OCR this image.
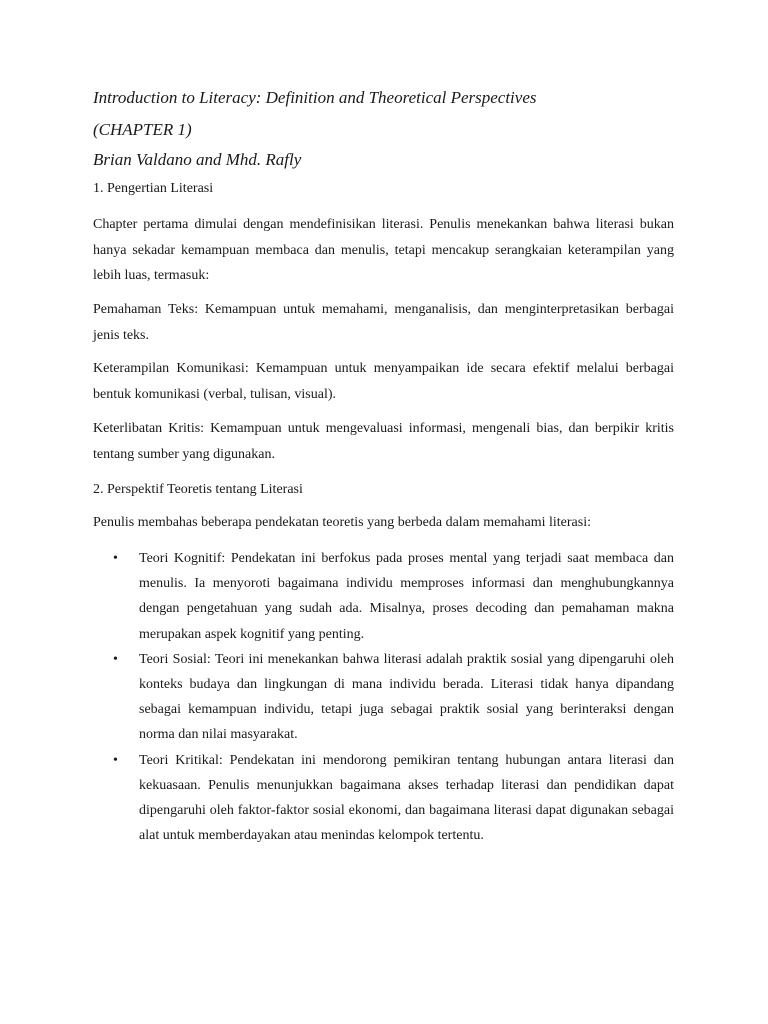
Introduction to Literacy: Definition and Theoretical Perspectives
(CHAPTER 1)
Brian Valdano and Mhd. Rafly
1. Pengertian Literasi

Chapter pertama dimulai dengan mendefinisikan literasi. Penulis menekankan bahwa literasi bukan hanya sekadar kemampuan membaca dan menulis, tetapi mencakup serangkaian keterampilan yang lebih luas, termasuk:

Pemahaman Teks: Kemampuan untuk memahami, menganalisis, dan menginterpretasikan berbagai jenis teks.

Keterampilan Komunikasi: Kemampuan untuk menyampaikan ide secara efektif melalui berbagai bentuk komunikasi (verbal, tulisan, visual).

Keterlibatan Kritis: Kemampuan untuk mengevaluasi informasi, mengenali bias, dan berpikir kritis tentang sumber yang digunakan.

2. Perspektif Teoretis tentang Literasi

Penulis membahas beberapa pendekatan teoretis yang berbeda dalam memahami literasi:

• Teori Kognitif: Pendekatan ini berfokus pada proses mental yang terjadi saat membaca dan menulis. Ia menyoroti bagaimana individu memproses informasi dan menghubungkannya dengan pengetahuan yang sudah ada. Misalnya, proses decoding dan pemahaman makna merupakan aspek kognitif yang penting.
• Teori Sosial: Teori ini menekankan bahwa literasi adalah praktik sosial yang dipengaruhi oleh konteks budaya dan lingkungan di mana individu berada. Literasi tidak hanya dipandang sebagai kemampuan individu, tetapi juga sebagai praktik sosial yang berinteraksi dengan norma dan nilai masyarakat.
• Teori Kritikal: Pendekatan ini mendorong pemikiran tentang hubungan antara literasi dan kekuasaan. Penulis menunjukkan bagaimana akses terhadap literasi dan pendidikan dapat dipengaruhi oleh faktor-faktor sosial ekonomi, dan bagaimana literasi dapat digunakan sebagai alat untuk memberdayakan atau menindas kelompok tertentu.
